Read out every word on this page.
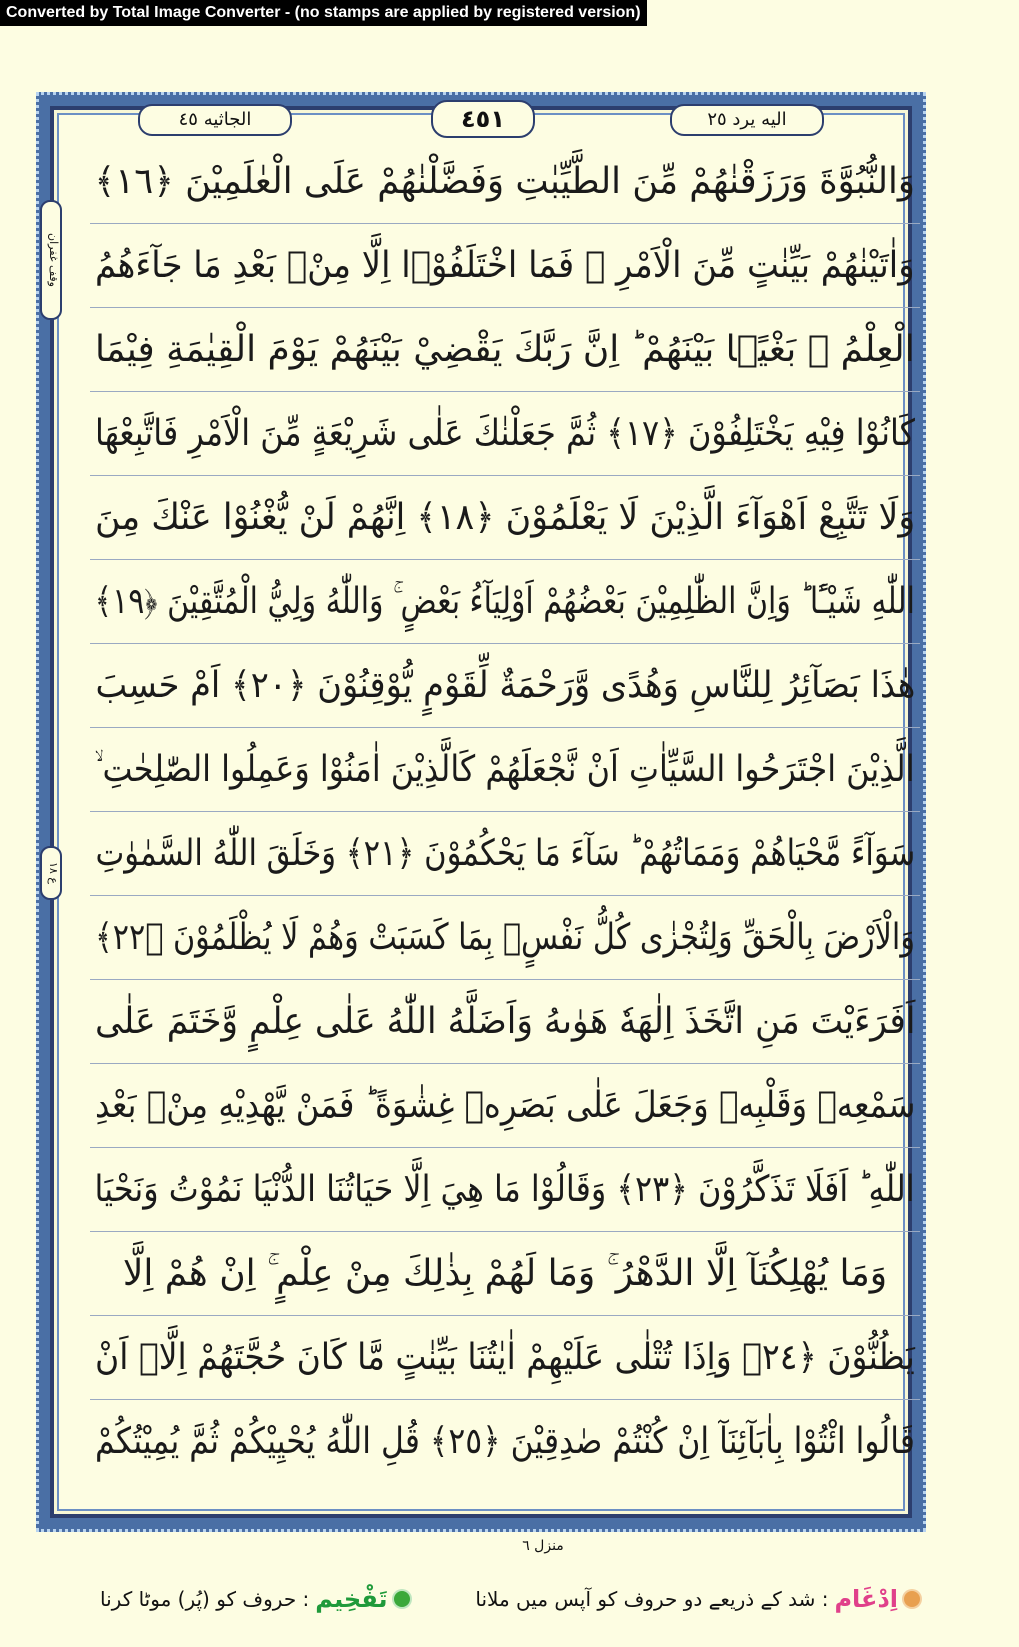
Converted by Total Image Converter - (no stamps are applied by registered version)
اليه يرد ٢٥
٤٥١
الجاثيه ٤٥
وقف غفران
ع ١٨
وَالنُّبُوَّةَ وَرَزَقْنٰهُمْ مِّنَ الطَّيِّبٰتِ وَفَضَّلْنٰهُمْ عَلَى الْعٰلَمِيْنَ ﴿١٦﴾
وَاٰتَيْنٰهُمْ بَيِّنٰتٍ مِّنَ الْاَمْرِ ۚ فَمَا اخْتَلَفُوْۤا اِلَّا مِنْۢ بَعْدِ مَا جَآءَهُمُ
الْعِلْمُ ۙ بَغْيًۢا بَيْنَهُمْ ؕ اِنَّ رَبَّكَ يَقْضِيْ بَيْنَهُمْ يَوْمَ الْقِيٰمَةِ فِيْمَا
كَانُوْا فِيْهِ يَخْتَلِفُوْنَ ﴿١٧﴾ ثُمَّ جَعَلْنٰكَ عَلٰى شَرِيْعَةٍ مِّنَ الْاَمْرِ فَاتَّبِعْهَا
وَلَا تَتَّبِعْ اَهْوَآءَ الَّذِيْنَ لَا يَعْلَمُوْنَ ﴿١٨﴾ اِنَّهُمْ لَنْ يُّغْنُوْا عَنْكَ مِنَ
اللّٰهِ شَيْـًٔا ؕ وَاِنَّ الظّٰلِمِيْنَ بَعْضُهُمْ اَوْلِيَآءُ بَعْضٍ ۚ وَاللّٰهُ وَلِيُّ الْمُتَّقِيْنَ ﴿١٩﴾
هٰذَا بَصَآئِرُ لِلنَّاسِ وَهُدًى وَّرَحْمَةٌ لِّقَوْمٍ يُّوْقِنُوْنَ ﴿٢٠﴾ اَمْ حَسِبَ
الَّذِيْنَ اجْتَرَحُوا السَّيِّاٰتِ اَنْ نَّجْعَلَهُمْ كَالَّذِيْنَ اٰمَنُوْا وَعَمِلُوا الصّٰلِحٰتِ ۙ
سَوَآءً مَّحْيَاهُمْ وَمَمَاتُهُمْ ؕ سَآءَ مَا يَحْكُمُوْنَ ﴿٢١﴾ وَخَلَقَ اللّٰهُ السَّمٰوٰتِ
وَالْاَرْضَ بِالْحَقِّ وَلِتُجْزٰى كُلُّ نَفْسٍۢ بِمَا كَسَبَتْ وَهُمْ لَا يُظْلَمُوْنَ ﴿٢٢﴾
اَفَرَءَيْتَ مَنِ اتَّخَذَ اِلٰهَهٗ هَوٰىهُ وَاَضَلَّهُ اللّٰهُ عَلٰى عِلْمٍ وَّخَتَمَ عَلٰى
سَمْعِهٖ وَقَلْبِهٖ وَجَعَلَ عَلٰى بَصَرِهٖ غِشٰوَةً ؕ فَمَنْ يَّهْدِيْهِ مِنْۢ بَعْدِ
اللّٰهِ ؕ اَفَلَا تَذَكَّرُوْنَ ﴿٢٣﴾ وَقَالُوْا مَا هِيَ اِلَّا حَيَاتُنَا الدُّنْيَا نَمُوْتُ وَنَحْيَا
وَمَا يُهْلِكُنَآ اِلَّا الدَّهْرُ ۚ وَمَا لَهُمْ بِذٰلِكَ مِنْ عِلْمٍ ۚ اِنْ هُمْ اِلَّا
يَظُنُّوْنَ ﴿٢٤﴾ وَاِذَا تُتْلٰى عَلَيْهِمْ اٰيٰتُنَا بَيِّنٰتٍ مَّا كَانَ حُجَّتَهُمْ اِلَّاۤ اَنْ
قَالُوا ائْتُوْا بِاٰبَآئِنَآ اِنْ كُنْتُمْ صٰدِقِيْنَ ﴿٢٥﴾ قُلِ اللّٰهُ يُحْيِيْكُمْ ثُمَّ يُمِيْتُكُمْ
منزل ٦
اِدْغَام
: شد کے ذریعے دو حروف کو آپس میں ملانا
تَفْخِيم
: حروف کو (پُر) موٹا کرنا
